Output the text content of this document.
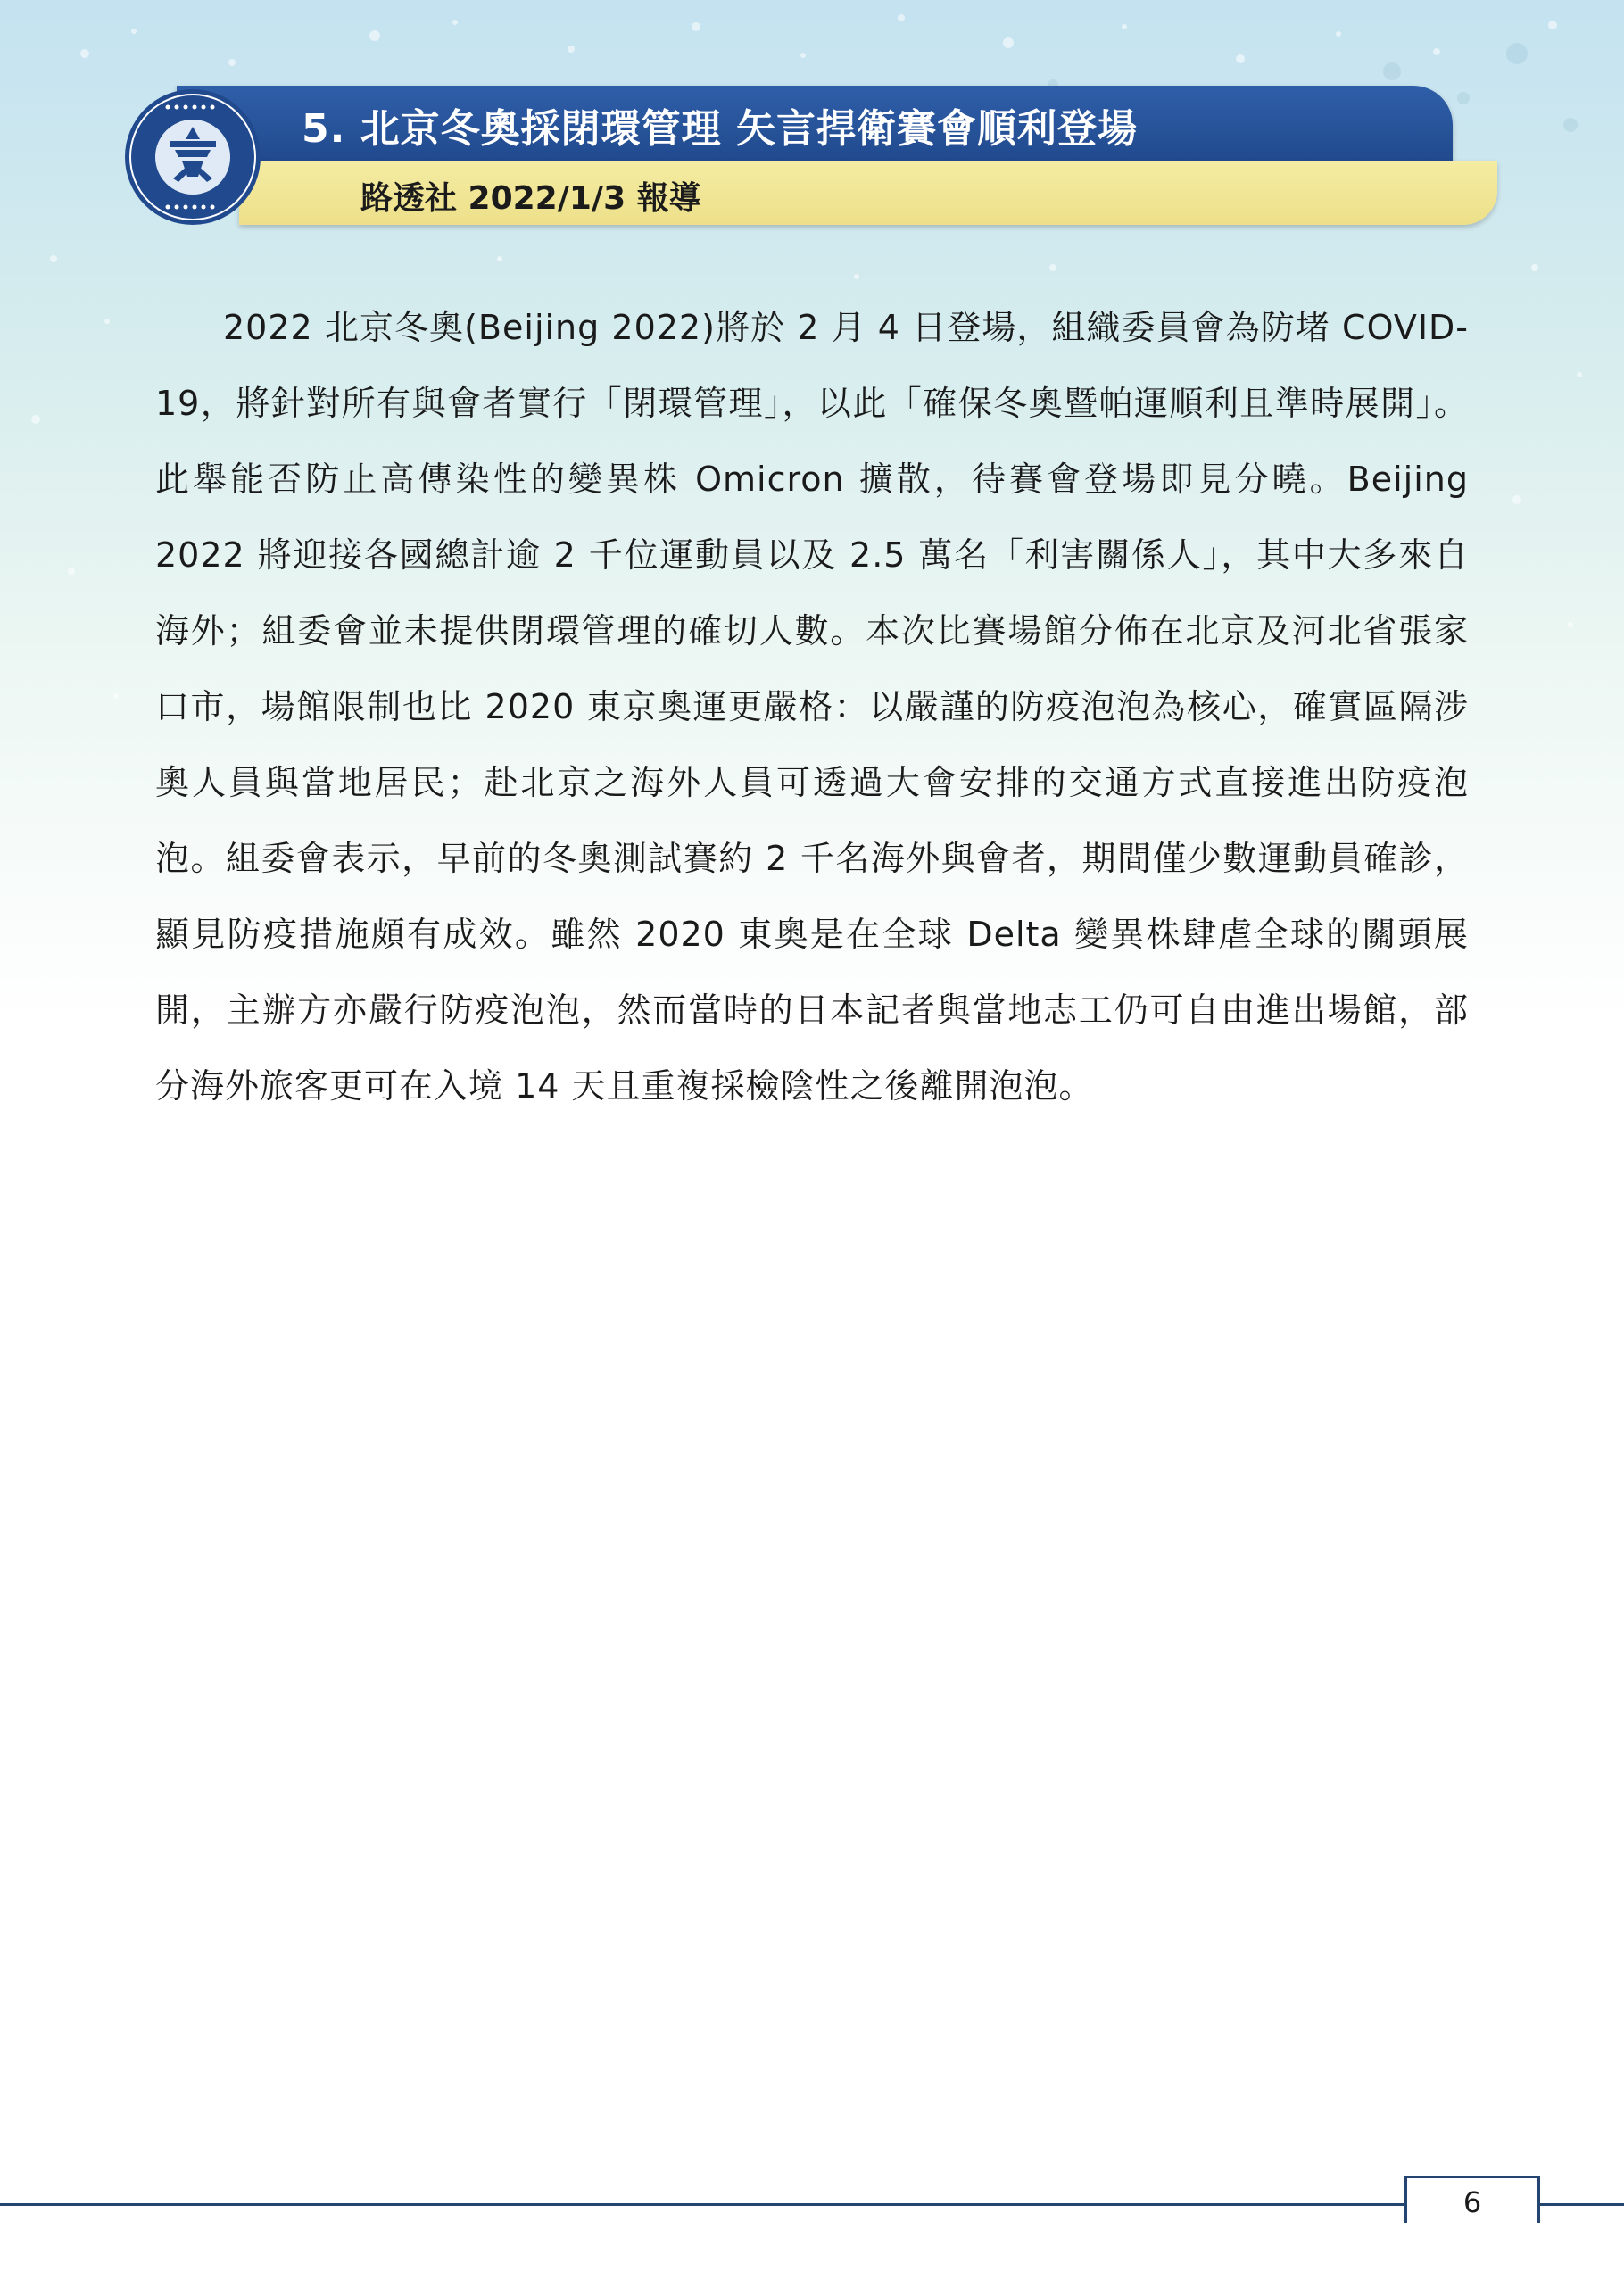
5. 北京冬奧採閉環管理 矢言捍衛賽會順利登場
路透社 2022/1/3 報導

2022 北京冬奧(Beijing 2022)將於 2 月 4 日登場，組織委員會為防堵 COVID-19，將針對所有與會者實行「閉環管理」，以此「確保冬奧暨帕運順利且準時展開」。此舉能否防止高傳染性的變異株 Omicron 擴散，待賽會登場即見分曉。Beijing 2022 將迎接各國總計逾 2 千位運動員以及 2.5 萬名「利害關係人」，其中大多來自海外；組委會並未提供閉環管理的確切人數。本次比賽場館分佈在北京及河北省張家口市，場館限制也比 2020 東京奧運更嚴格：以嚴謹的防疫泡泡為核心，確實區隔涉奧人員與當地居民；赴北京之海外人員可透過大會安排的交通方式直接進出防疫泡泡。組委會表示，早前的冬奧測試賽約 2 千名海外與會者，期間僅少數運動員確診，顯見防疫措施頗有成效。雖然 2020 東奧是在全球 Delta 變異株肆虐全球的關頭展開，主辦方亦嚴行防疫泡泡，然而當時的日本記者與當地志工仍可自由進出場館，部分海外旅客更可在入境 14 天且重複採檢陰性之後離開泡泡。

6
